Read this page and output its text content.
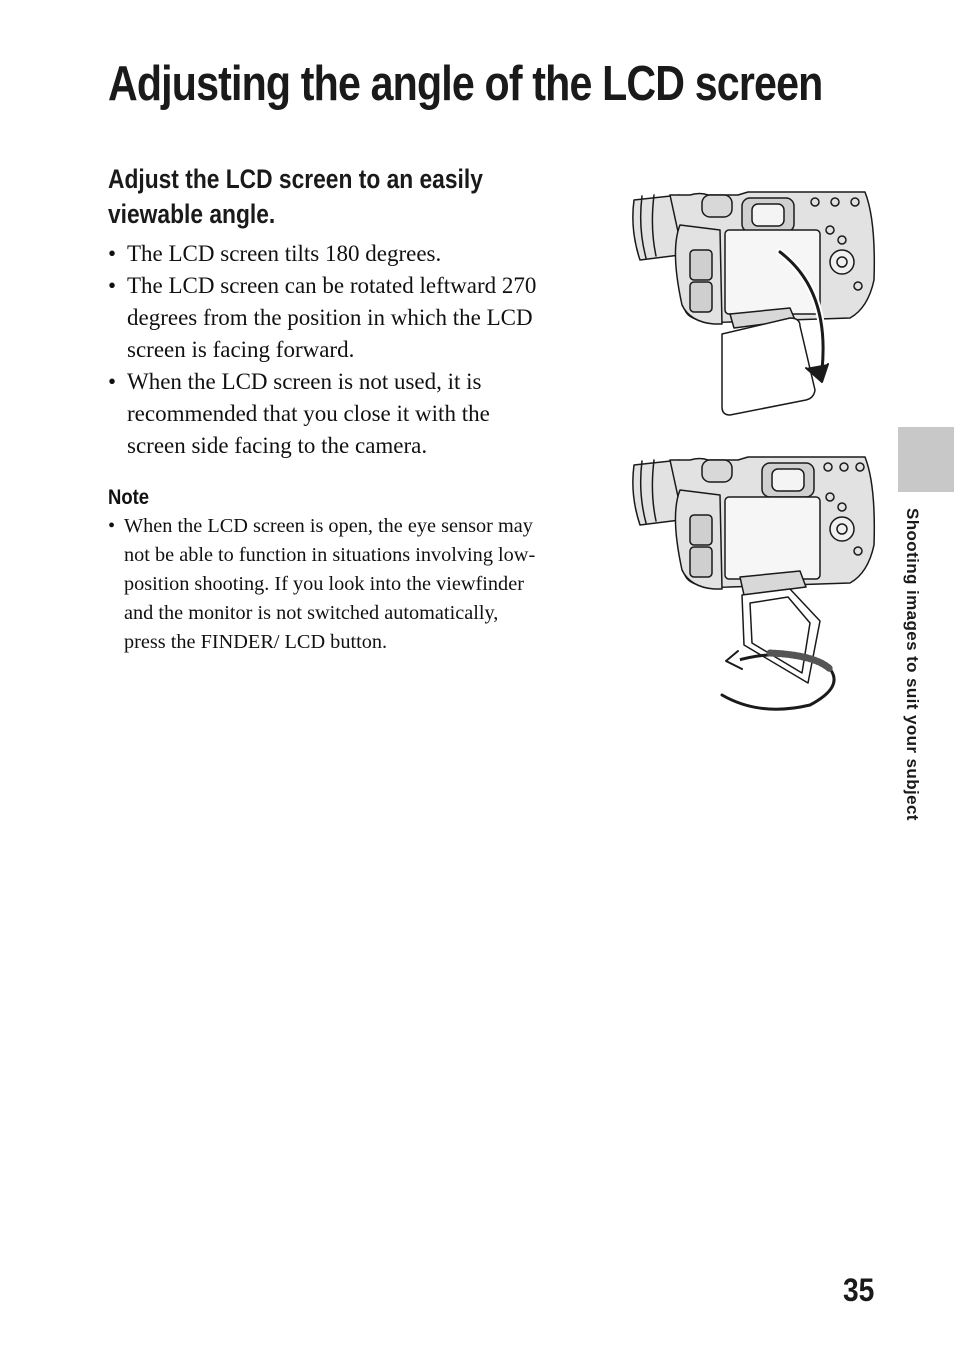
Adjusting the angle of the LCD screen
Adjust the LCD screen to an easily viewable angle.
• The LCD screen tilts 180 degrees.
• The LCD screen can be rotated leftward 270 degrees from the position in which the LCD screen is facing forward.
• When the LCD screen is not used, it is recommended that you close it with the screen side facing to the camera.
Note
• When the LCD screen is open, the eye sensor may not be able to function in situations involving low-position shooting. If you look into the viewfinder and the monitor is not switched automatically, press the FINDER/ LCD button.	Shooting images to suit your subject
35
